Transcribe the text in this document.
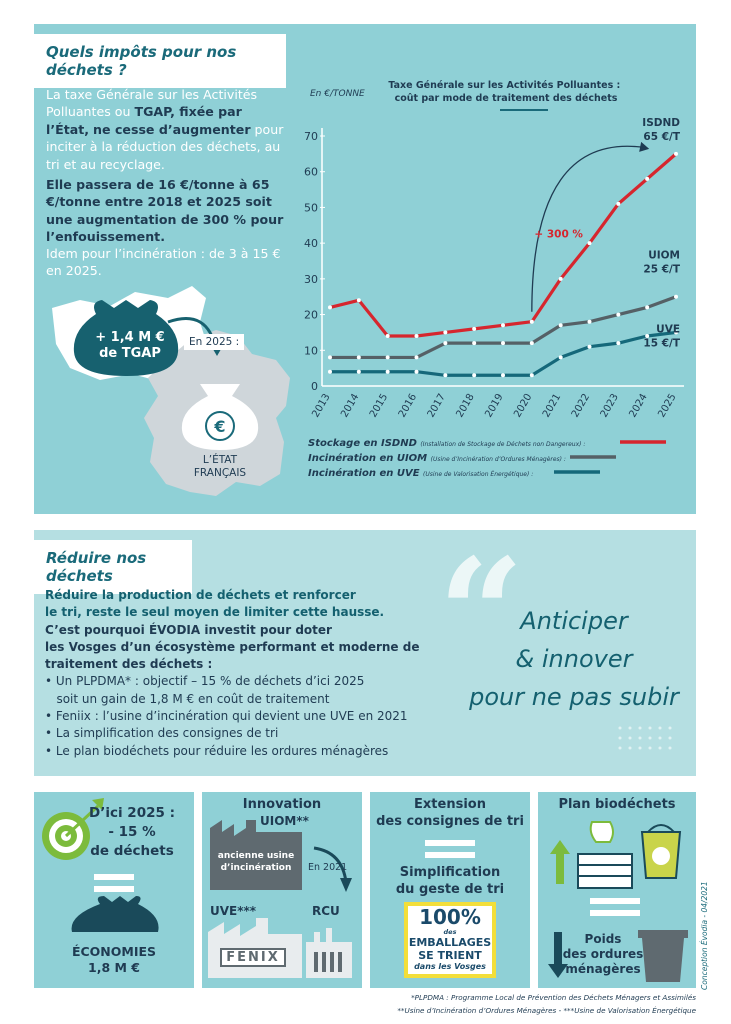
Quels impôts pour nos déchets ?
La taxe Générale sur les Activités Polluantes ou TGAP, fixée par l’État, ne cesse d’augmenter pour inciter à la réduction des déchets, au tri et au recyclage.
Elle passera de 16 €/tonne à 65 €/tonne entre 2018 et 2025 soit une augmentation de 300 % pour l’enfouissement.
Idem pour l’incinération : de 3 à 15 € en 2025.
€
+ 1,4 M €
de TGAP
En 2025 :
L’ÉTAT
FRANÇAIS
En €/TONNE
Taxe Générale sur les Activités Polluantes : coût par mode de traitement des déchets
0
10
20
30
40
50
60
70
2013 2014 2015 2016 2017 2018 2019 2020 2021 2022 2023 2024 2025
ISDND
65 €/T
UIOM
25 €/T
UVE
15 €/T
+ 300 %
Stockage en ISDND (Installation de Stockage de Déchets non Dangereux) :
Incinération en UIOM (Usine d’Incinération d’Ordures Ménagères) :
Incinération en UVE (Usine de Valorisation Énergétique) :
Réduire nos déchets
Réduire la production de déchets et renforcer
le tri, reste le seul moyen de limiter cette hausse.
C’est pourquoi ÉVODIA investit pour doter
les Vosges d’un écosystème performant et moderne de
traitement des déchets :
• Un PLPDMA* : objectif – 15 % de déchets d’ici 2025
soit un gain de 1,8 M € en coût de traitement
• Feniix : l’usine d’incinération qui devient une UVE en 2021
• La simplification des consignes de tri
• Le plan biodéchets pour réduire les ordures ménagères
“
Anticiper
& innover
pour ne pas subir
D’ici 2025 :
- 15 %
de déchets
ÉCONOMIES
1,8 M €
Innovation
UIOM**
ancienne usine
d’incinération	En 2021
UVE***	RCU
FENIX
Extension
des consignes de tri
Simplification
du geste de tri
100%
des
EMBALLAGES
SE TRIENT
dans les Vosges
Plan biodéchets
Poids
des ordures
ménagères	Conception Évodia - 04/2021
*PLPDMA : Programme Local de Prévention des Déchets Ménagers et Assimilés
**Usine d’Incinération d’Ordures Ménagères - ***Usine de Valorisation Énergétique
